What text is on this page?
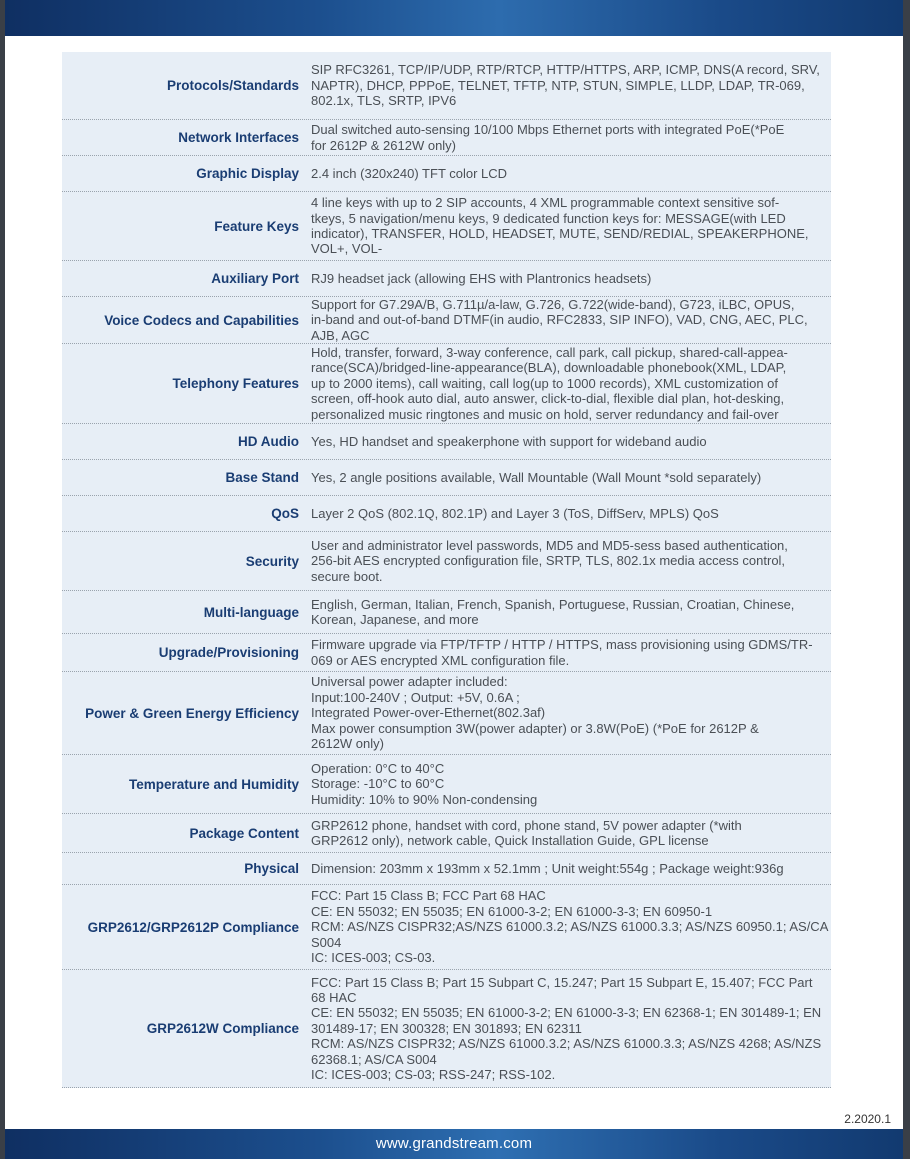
Protocols/Standards
SIP RFC3261, TCP/IP/UDP, RTP/RTCP, HTTP/HTTPS, ARP, ICMP, DNS(A record, SRV,
NAPTR), DHCP, PPPoE, TELNET, TFTP, NTP, STUN, SIMPLE, LLDP, LDAP, TR-069,
802.1x, TLS, SRTP, IPV6
Network Interfaces
Dual switched auto-sensing 10/100 Mbps Ethernet ports with integrated PoE(*PoE
for 2612P & 2612W only)
Graphic Display 2.4 inch (320x240) TFT color LCD
Feature Keys
4 line keys with up to 2 SIP accounts, 4 XML programmable context sensitive sof-
tkeys, 5 navigation/menu keys, 9 dedicated function keys for: MESSAGE(with LED
indicator), TRANSFER, HOLD, HEADSET, MUTE, SEND/REDIAL, SPEAKERPHONE,
VOL+, VOL-
Auxiliary Port RJ9 headset jack (allowing EHS with Plantronics headsets)
Voice Codecs and Capabilities
Support for G7.29A/B, G.711µ/a-law, G.726, G.722(wide-band), G723, iLBC, OPUS,
in-band and out-of-band DTMF(in audio, RFC2833, SIP INFO), VAD, CNG, AEC, PLC,
AJB, AGC
Telephony Features
Hold, transfer, forward, 3-way conference, call park, call pickup, shared-call-appea-
rance(SCA)/bridged-line-appearance(BLA), downloadable phonebook(XML, LDAP,
up to 2000 items), call waiting, call log(up to 1000 records), XML customization of
screen, off-hook auto dial, auto answer, click-to-dial, flexible dial plan, hot-desking,
personalized music ringtones and music on hold, server redundancy and fail-over
HD Audio Yes, HD handset and speakerphone with support for wideband audio
Base Stand Yes, 2 angle positions available, Wall Mountable (Wall Mount *sold separately)
QoS Layer 2 QoS (802.1Q, 802.1P) and Layer 3 (ToS, DiffServ, MPLS) QoS
Security
User and administrator level passwords, MD5 and MD5-sess based authentication,
256-bit AES encrypted configuration file, SRTP, TLS, 802.1x media access control,
secure boot.
Multi-language
English, German, Italian, French, Spanish, Portuguese, Russian, Croatian, Chinese,
Korean, Japanese, and more
Upgrade/Provisioning
Firmware upgrade via FTP/TFTP / HTTP / HTTPS, mass provisioning using GDMS/TR-
069 or AES encrypted XML configuration file.
Power & Green Energy Efficiency
Universal power adapter included:
Input:100-240V ; Output: +5V, 0.6A ;
Integrated Power-over-Ethernet(802.3af)
Max power consumption 3W(power adapter) or 3.8W(PoE) (*PoE for 2612P &
2612W only)
Temperature and Humidity
Operation: 0°C to 40°C
Storage: -10°C to 60°C
Humidity: 10% to 90% Non-condensing
Package Content
GRP2612 phone, handset with cord, phone stand, 5V power adapter (*with
GRP2612 only), network cable, Quick Installation Guide, GPL license
Physical Dimension: 203mm x 193mm x 52.1mm ; Unit weight:554g ; Package weight:936g
GRP2612/GRP2612P Compliance
FCC: Part 15 Class B; FCC Part 68 HAC
CE: EN 55032; EN 55035; EN 61000-3-2; EN 61000-3-3; EN 60950-1
RCM: AS/NZS CISPR32;AS/NZS 61000.3.2; AS/NZS 61000.3.3; AS/NZS 60950.1; AS/CA
S004
IC: ICES-003; CS-03.
GRP2612W Compliance
FCC: Part 15 Class B; Part 15 Subpart C, 15.247; Part 15 Subpart E, 15.407; FCC Part
68 HAC
CE: EN 55032; EN 55035; EN 61000-3-2; EN 61000-3-3; EN 62368-1; EN 301489-1; EN
301489-17; EN 300328; EN 301893; EN 62311
RCM: AS/NZS CISPR32; AS/NZS 61000.3.2; AS/NZS 61000.3.3; AS/NZS 4268; AS/NZS
62368.1; AS/CA S004
IC: ICES-003; CS-03; RSS-247; RSS-102.
2.2020.1
www.grandstream.com
